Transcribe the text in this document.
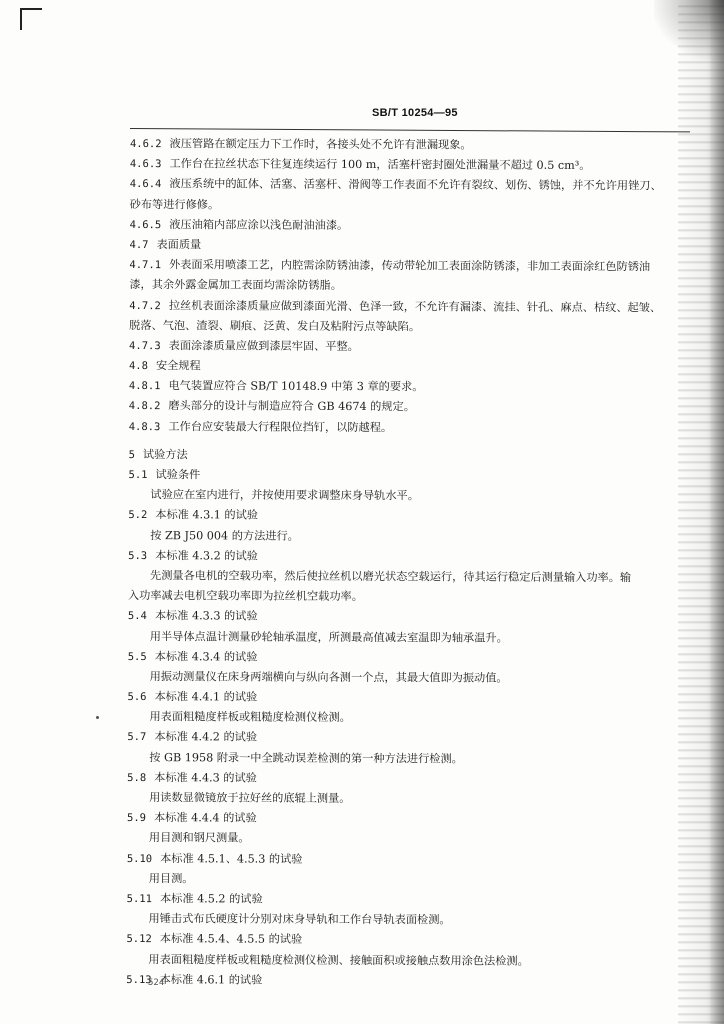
SB/T 10254—95
4.6.2 液压管路在额定压力下工作时，各接头处不允许有泄漏现象。
4.6.3 工作台在拉丝状态下往复连续运行 100 m，活塞杆密封圈处泄漏量不超过 0.5 cm³。
4.6.4 液压系统中的缸体、活塞、活塞杆、滑阀等工作表面不允许有裂纹、划伤、锈蚀，并不允许用锉刀、
砂布等进行修修。
4.6.5 液压油箱内部应涂以浅色耐油油漆。
4.7 表面质量
4.7.1 外表面采用喷漆工艺，内腔需涂防锈油漆，传动带轮加工表面涂防锈漆，非加工表面涂红色防锈油
漆，其余外露金属加工表面均需涂防锈脂。
4.7.2 拉丝机表面涂漆质量应做到漆面光滑、色泽一致，不允许有漏漆、流挂、针孔、麻点、桔纹、起皱、
脱落、气泡、渣裂、刷痕、泛黄、发白及粘附污点等缺陷。
4.7.3 表面涂漆质量应做到漆层牢固、平整。
4.8 安全规程
4.8.1 电气装置应符合 SB/T 10148.9 中第 3 章的要求。
4.8.2 磨头部分的设计与制造应符合 GB 4674 的规定。
4.8.3 工作台应安装最大行程限位挡钉，以防越程。
5 试验方法
5.1 试验条件
试验应在室内进行，并按使用要求调整床身导轨水平。
5.2 本标准 4.3.1 的试验
按 ZB J50 004 的方法进行。
5.3 本标准 4.3.2 的试验
先测量各电机的空载功率，然后使拉丝机以磨光状态空载运行，待其运行稳定后测量输入功率。输
入功率减去电机空载功率即为拉丝机空载功率。
5.4 本标准 4.3.3 的试验
用半导体点温计测量砂轮轴承温度，所测最高值减去室温即为轴承温升。
5.5 本标准 4.3.4 的试验
用振动测量仪在床身两端横向与纵向各测一个点，其最大值即为振动值。
5.6 本标准 4.4.1 的试验
用表面粗糙度样板或粗糙度检测仪检测。
5.7 本标准 4.4.2 的试验
按 GB 1958 附录一中全跳动误差检测的第一种方法进行检测。
5.8 本标准 4.4.3 的试验
用读数显微镜放于拉好丝的底辊上测量。
5.9 本标准 4.4.4 的试验
用目测和钢尺测量。
5.10 本标准 4.5.1、4.5.3 的试验
用目测。
5.11 本标准 4.5.2 的试验
用锤击式布氏硬度计分别对床身导轨和工作台导轨表面检测。
5.12 本标准 4.5.4、4.5.5 的试验
用表面粗糙度样板或粗糙度检测仪检测、接触面积或接触点数用涂色法检测。
5.13 本标准 4.6.1 的试验
524
